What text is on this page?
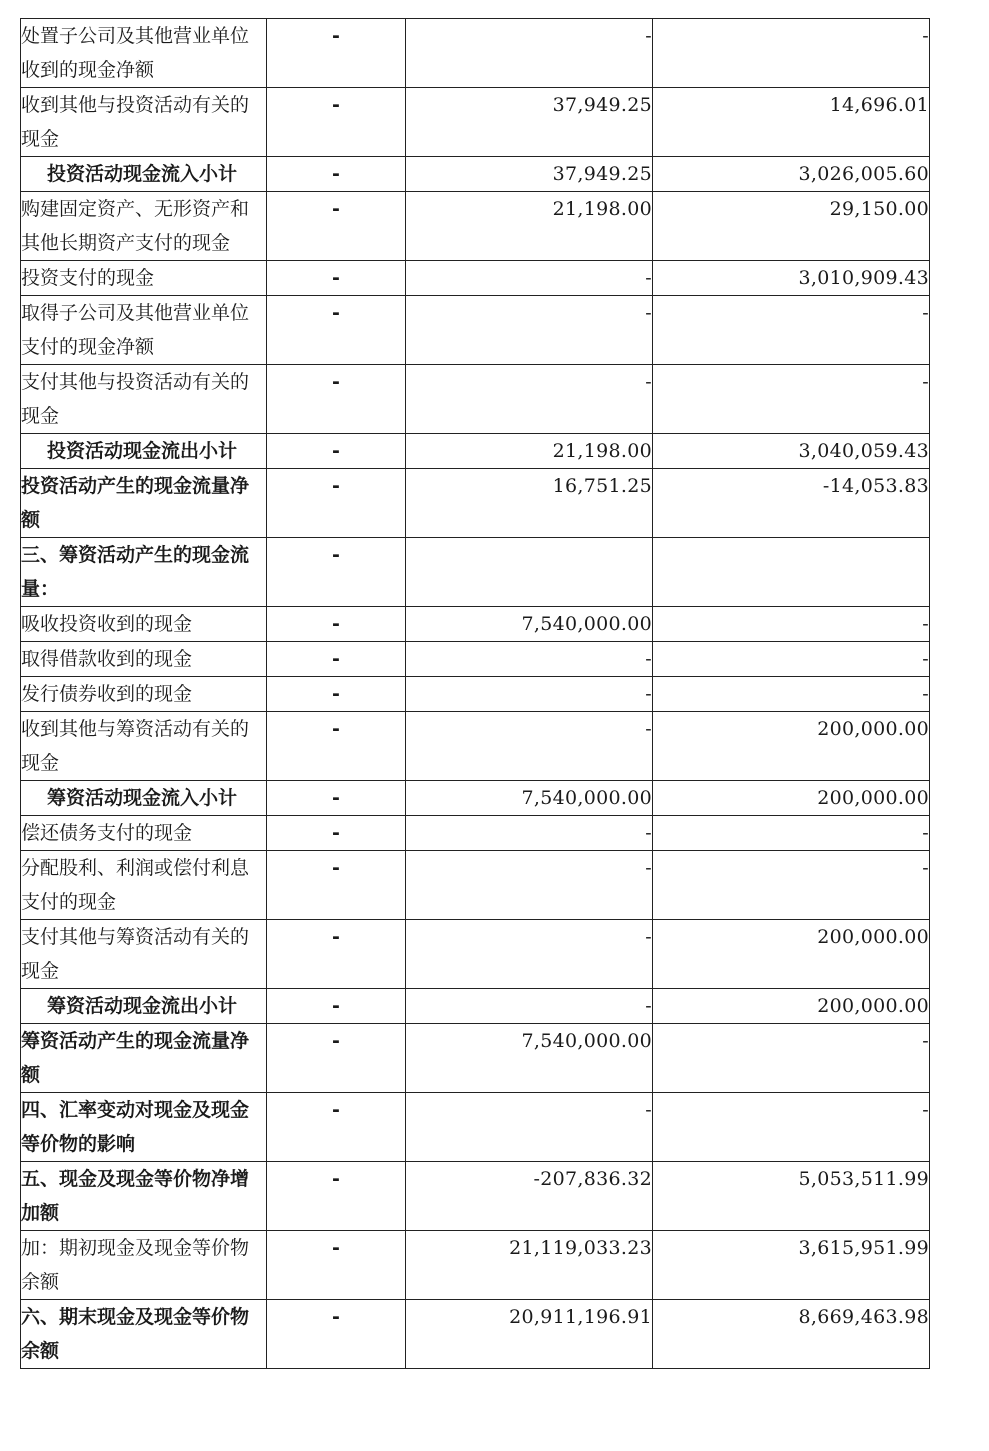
处置子公司及其他营业单位收到的现金净额	-	-	-
收到其他与投资活动有关的现金	-	37,949.25	14,696.01
投资活动现金流入小计	-	37,949.25	3,026,005.60
购建固定资产、无形资产和其他长期资产支付的现金	-	21,198.00	29,150.00
投资支付的现金	-	-	3,010,909.43
取得子公司及其他营业单位支付的现金净额	-	-	-
支付其他与投资活动有关的现金	-	-	-
投资活动现金流出小计	-	21,198.00	3,040,059.43
投资活动产生的现金流量净额	-	16,751.25	-14,053.83
三、筹资活动产生的现金流量：	-		
吸收投资收到的现金	-	7,540,000.00	-
取得借款收到的现金	-	-	-
发行债券收到的现金	-	-	-
收到其他与筹资活动有关的现金	-	-	200,000.00
筹资活动现金流入小计	-	7,540,000.00	200,000.00
偿还债务支付的现金	-	-	-
分配股利、利润或偿付利息支付的现金	-	-	-
支付其他与筹资活动有关的现金	-	-	200,000.00
筹资活动现金流出小计	-	-	200,000.00
筹资活动产生的现金流量净额	-	7,540,000.00	-
四、汇率变动对现金及现金等价物的影响	-	-	-
五、现金及现金等价物净增加额	-	-207,836.32	5,053,511.99
加：期初现金及现金等价物余额	-	21,119,033.23	3,615,951.99
六、期末现金及现金等价物余额	-	20,911,196.91	8,669,463.98
